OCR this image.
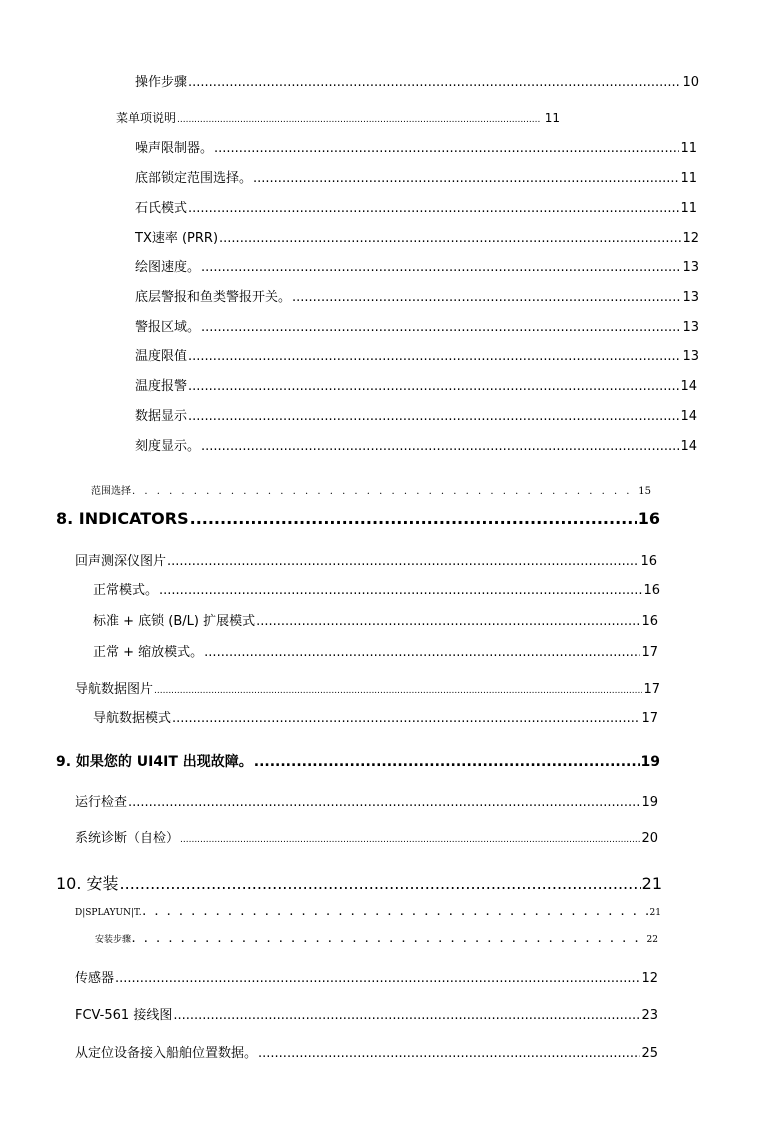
操作步骤 .....	10
菜单项说明 .....	11
噪声限制器。 .....	11
底部锁定范围选择。 .....	11
石氏模式 .....	11
TX速率 (PRR) .....	12
绘图速度。 .....	13
底层警报和鱼类警报开关。 .....	13
警报区域。 .....	13
温度限值 .....	13
温度报警 .....	14
数据显示 .....	14
刻度显示。 .....	14
范围选择 . . .	15
8. INDICATORS .....	16
回声测深仪图片 .....	16
正常模式。 .....	16
标准 + 底锁 (B/L) 扩展模式 .....	16
正常 + 缩放模式。 .....	17
导航数据图片 .....	17
导航数据模式 .....	17
9. 如果您的 UI4IT 出现故障。 .....	19
运行检查 .....	19
系统诊断（自检） .....	20
10. 安装 .....	21
D|SPLAYUN|T. . . .	21
安装步骤 . . .	22
传感器 .....	12
FCV-561 接线图 .....	23
从定位设备接入船舶位置数据。 .....	25
